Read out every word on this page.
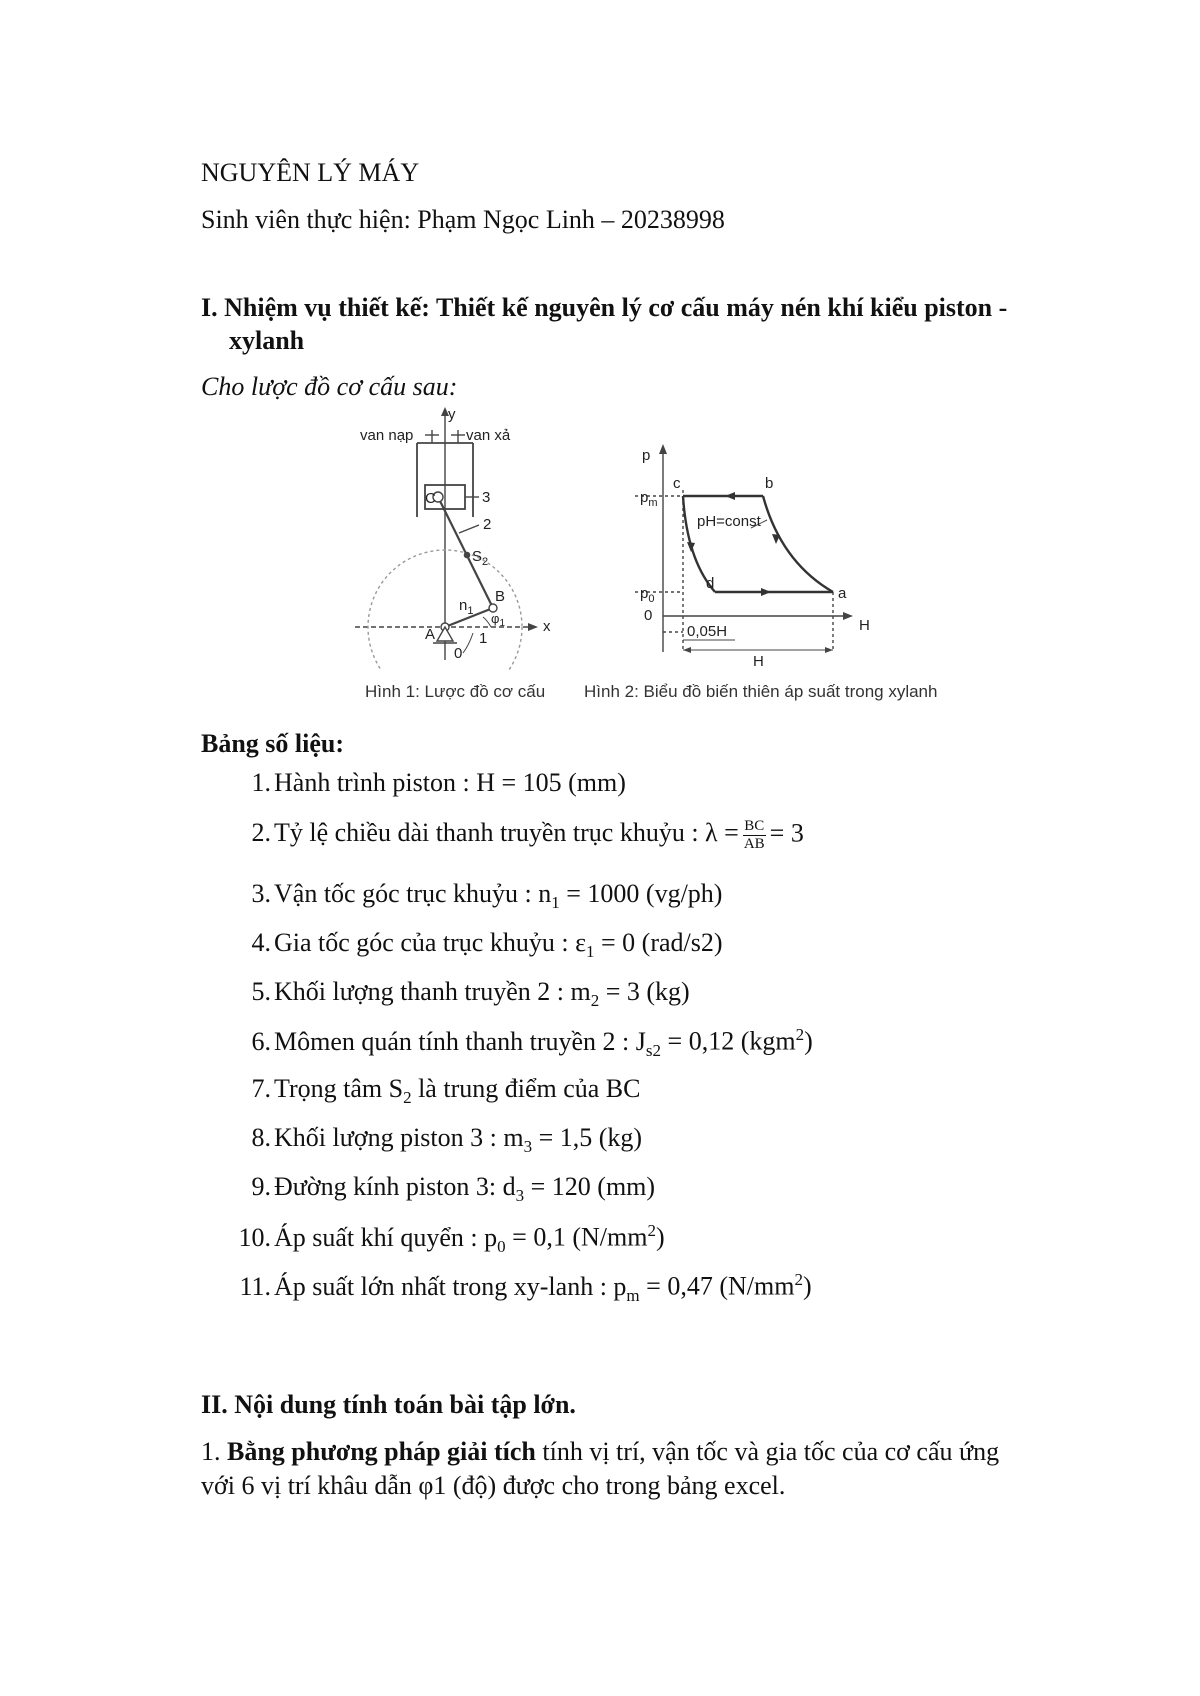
NGUYÊN LÝ MÁY
Sinh viên thực hiện: Phạm Ngọc Linh – 20238998
I. Nhiệm vụ thiết kế: Thiết kế nguyên lý cơ cấu máy nén khí kiểu piston -
xylanh
Cho lược đồ cơ cấu sau:
y
x
van nạp	van xả
C	3
2
$S_2$
B
$n_1$ $\varphi_1$
A	1
0
p
$p_m$
$p_0$
0
H
c	b
d
a
pH=const
0,05H
H
Hình 1: Lược đồ cơ cấu Hình 2: Biểu đồ biến thiên áp suất trong xylanh
Bảng số liệu:
1. Hành trình piston : H = 105 (mm)
2. Tỷ lệ chiều dài thanh truyền trục khuỷu : $\lambda = \frac{BC}{AB} = 3$
3. Vận tốc góc trục khuỷu : $n_1 = 1000$ (vg/ph)
4. Gia tốc góc của trục khuỷu : $\varepsilon_1 = 0$ (rad/s2)
5. Khối lượng thanh truyền 2 : $m_2 = 3$ (kg)
6. Mômen quán tính thanh truyền 2 : $J_{s2} = 0,12$ (kgm$^2$)
7. Trọng tâm $S_2$ là trung điểm của BC
8. Khối lượng piston 3 : $m_3 = 1,5$ (kg)
9. Đường kính piston 3: $d_3 = 120$ (mm)
10. Áp suất khí quyển : $p_0 = 0,1$ $(N/mm^2)$
11. Áp suất lớn nhất trong xy-lanh : $p_m = 0,47$ $(N/mm^2)$
II. Nội dung tính toán bài tập lớn.
1. Bằng phương pháp giải tích tính vị trí, vận tốc và gia tốc của cơ cấu ứng
với 6 vị trí khâu dẫn φ1 (độ) được cho trong bảng excel.
